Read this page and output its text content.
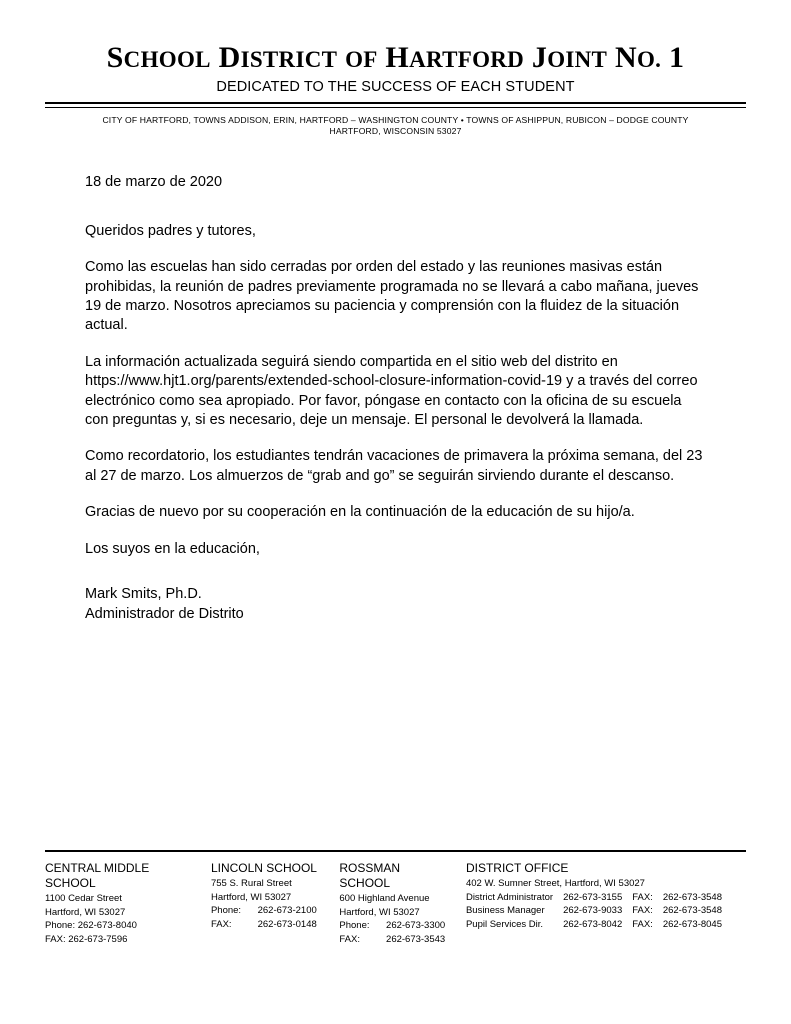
SCHOOL DISTRICT OF HARTFORD JOINT NO. 1
DEDICATED TO THE SUCCESS OF EACH STUDENT
CITY OF HARTFORD, TOWNS ADDISON, ERIN, HARTFORD – WASHINGTON COUNTY • TOWNS OF ASHIPPUN, RUBICON – DODGE COUNTY
HARTFORD, WISCONSIN 53027
18 de marzo de 2020

Queridos padres y tutores,

Como las escuelas han sido cerradas por orden del estado y las reuniones masivas están prohibidas, la reunión de padres previamente programada no se llevará a cabo mañana, jueves 19 de marzo. Nosotros apreciamos su paciencia y comprensión con la fluidez de la situación actual.

La información actualizada seguirá siendo compartida en el sitio web del distrito en https://www.hjt1.org/parents/extended-school-closure-information-covid-19 y a través del correo electrónico como sea apropiado. Por favor, póngase en contacto con la oficina de su escuela con preguntas y, si es necesario, deje un mensaje. El personal le devolverá la llamada.

Como recordatorio, los estudiantes tendrán vacaciones de primavera la próxima semana, del 23 al 27 de marzo. Los almuerzos de “grab and go” se seguirán sirviendo durante el descanso.

Gracias de nuevo por su cooperación en la continuación de la educación de su hijo/a.

Los suyos en la educación,

Mark Smits, Ph.D.

Administrador de Distrito

CENTRAL MIDDLE SCHOOL
1100 Cedar Street
Hartford, WI 53027
Phone: 262-673-8040
FAX: 262-673-7596
LINCOLN SCHOOL
755 S. Rural Street
Hartford, WI 53027
Phone: 262-673-2100
FAX:	262-673-0148
ROSSMAN SCHOOL
600 Highland Avenue
Hartford, WI 53027
Phone: 262-673-3300
FAX:	262-673-3543
DISTRICT OFFICE
402 W. Sumner Street, Hartford, WI 53027
District Administrator	262-673-3155	FAX:	262-673-3548
Business Manager	262-673-9033	FAX:	262-673-3548
Pupil Services Dir.	262-673-8042	FAX:	262-673-8045
